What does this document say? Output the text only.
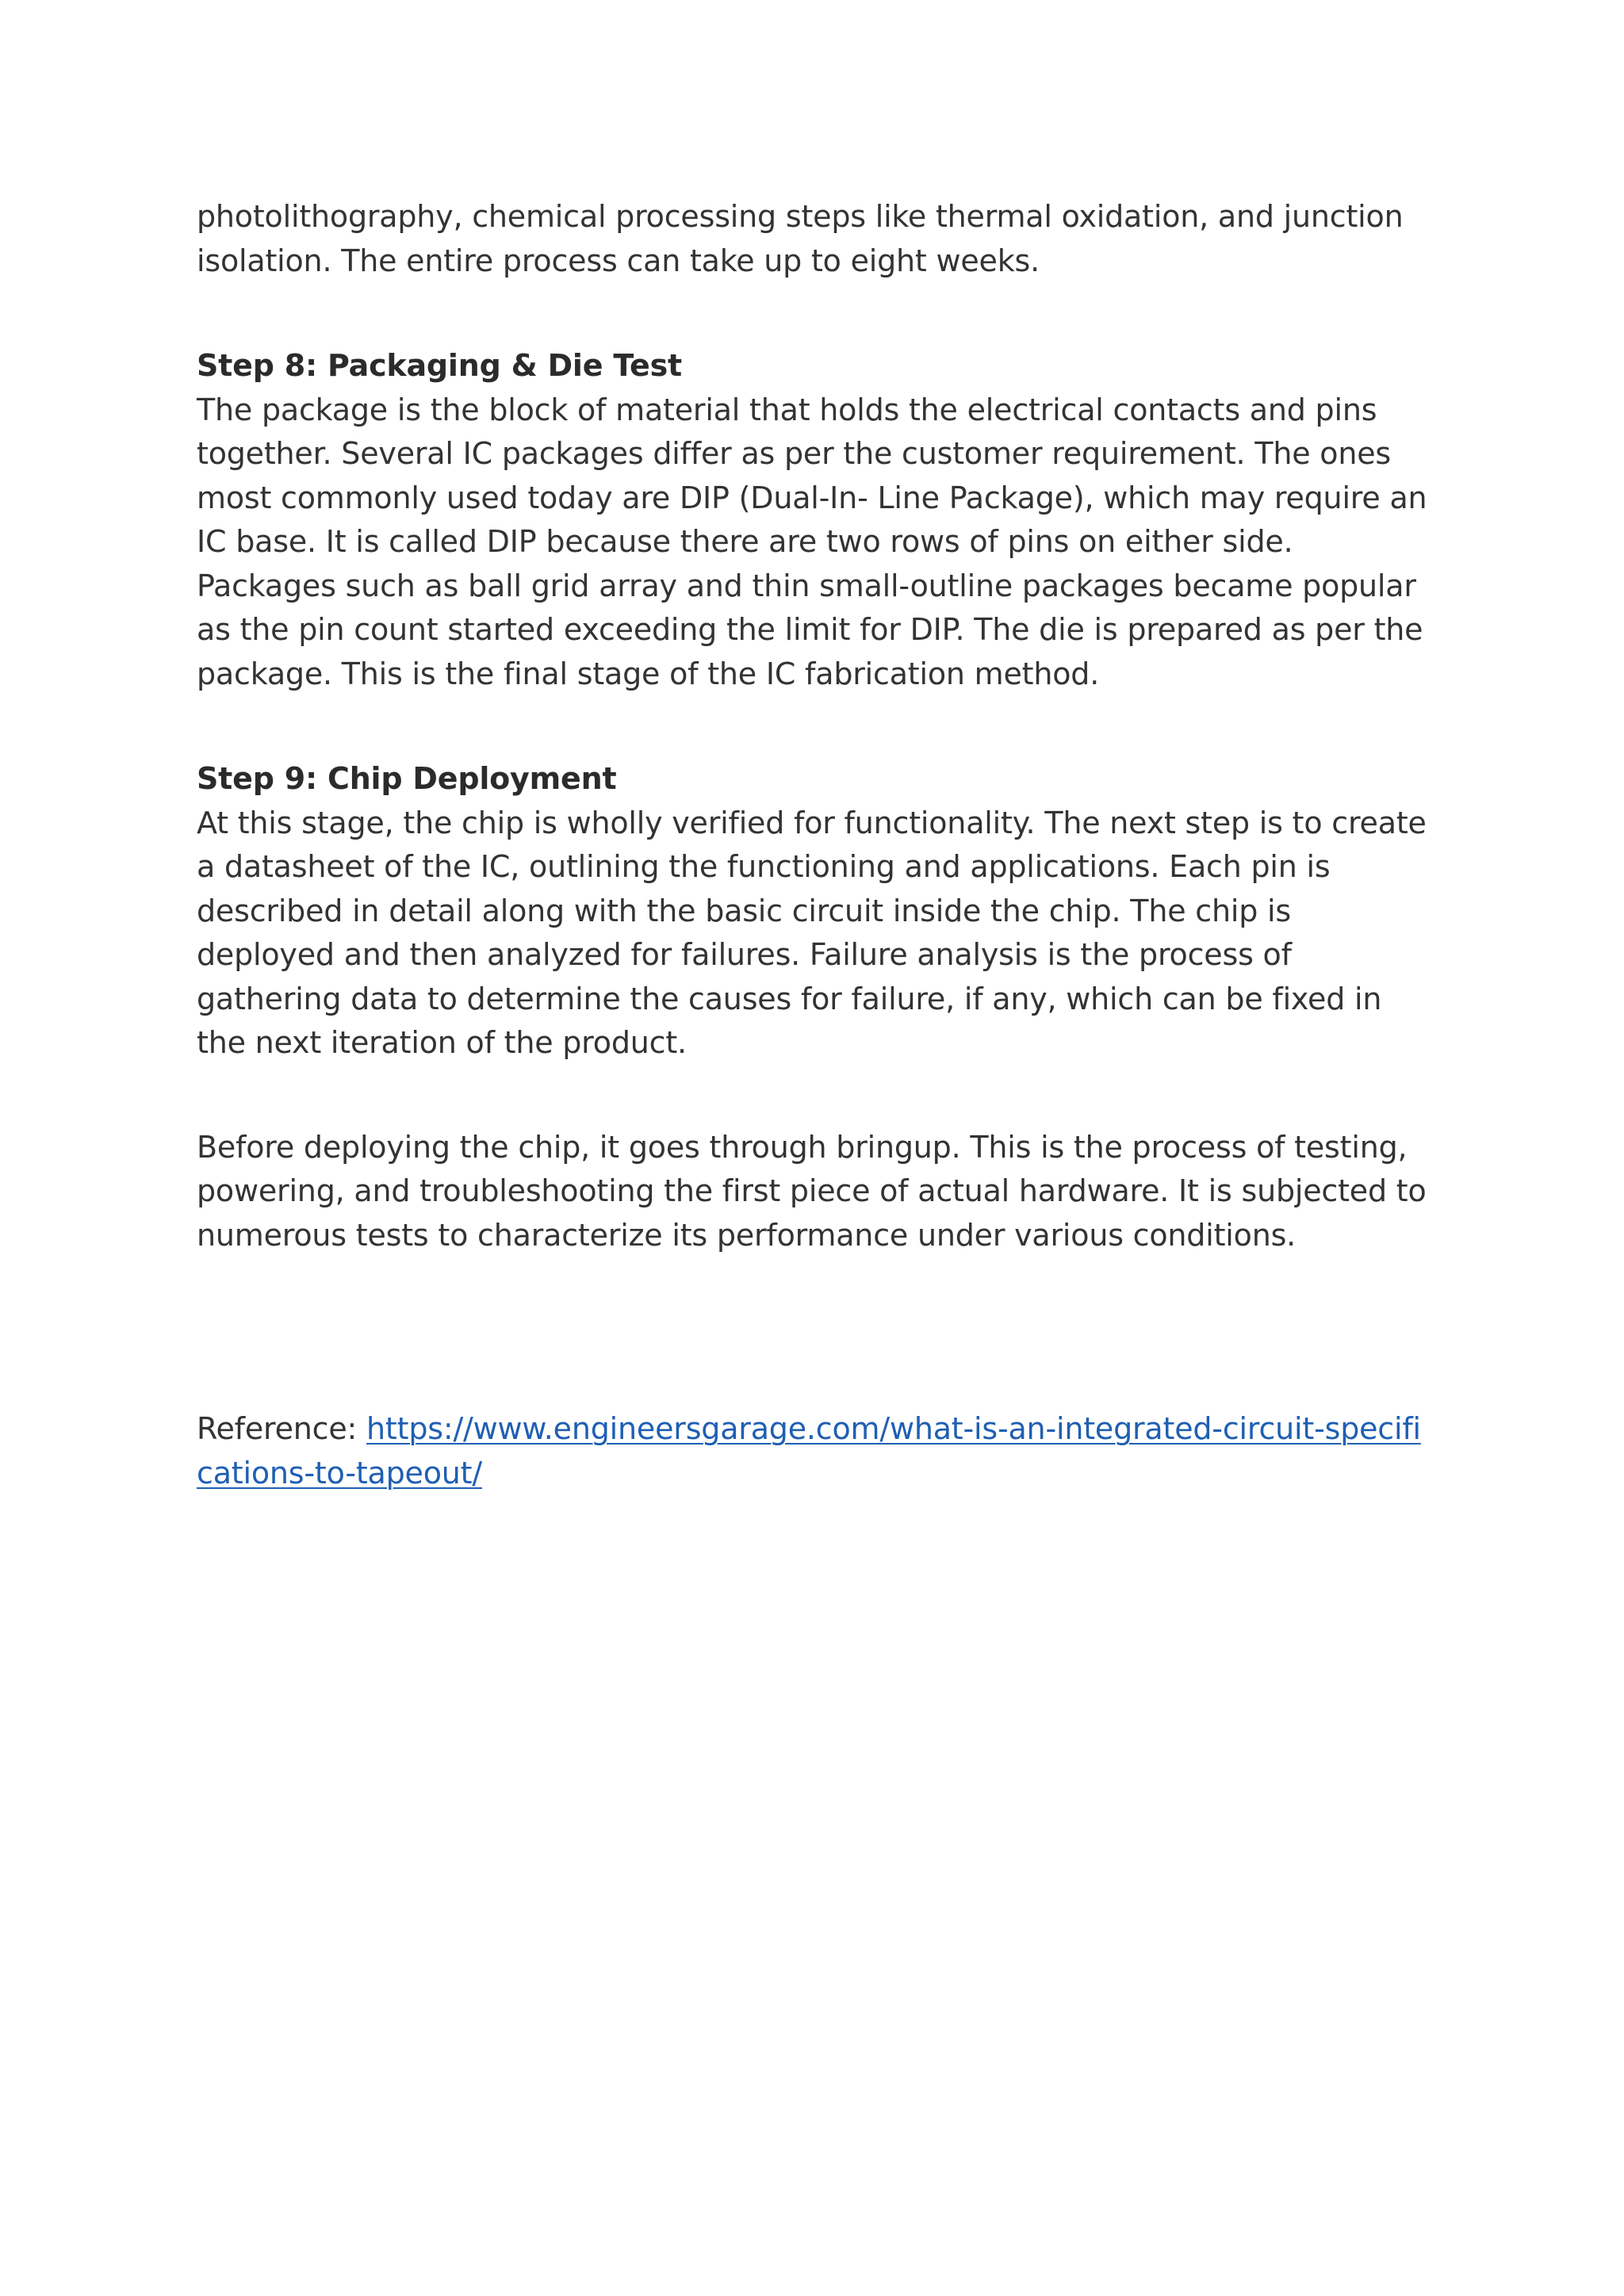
photolithography, chemical processing steps like thermal oxidation, and junction isolation. The entire process can take up to eight weeks.

Step 8: Packaging & Die Test

The package is the block of material that holds the electrical contacts and pins together. Several IC packages differ as per the customer requirement. The ones most commonly used today are DIP (Dual-In- Line Package), which may require an IC base. It is called DIP because there are two rows of pins on either side. Packages such as ball grid array and thin small-outline packages became popular as the pin count started exceeding the limit for DIP. The die is prepared as per the package. This is the final stage of the IC fabrication method.

Step 9: Chip Deployment

At this stage, the chip is wholly verified for functionality. The next step is to create a datasheet of the IC, outlining the functioning and applications. Each pin is described in detail along with the basic circuit inside the chip. The chip is deployed and then analyzed for failures. Failure analysis is the process of gathering data to determine the causes for failure, if any, which can be fixed in the next iteration of the product.

Before deploying the chip, it goes through bringup. This is the process of testing, powering, and troubleshooting the first piece of actual hardware. It is subjected to numerous tests to characterize its performance under various conditions.

Reference: https://www.engineersgarage.com/what-is-an-integrated-circuit-specifications-to-tapeout/
